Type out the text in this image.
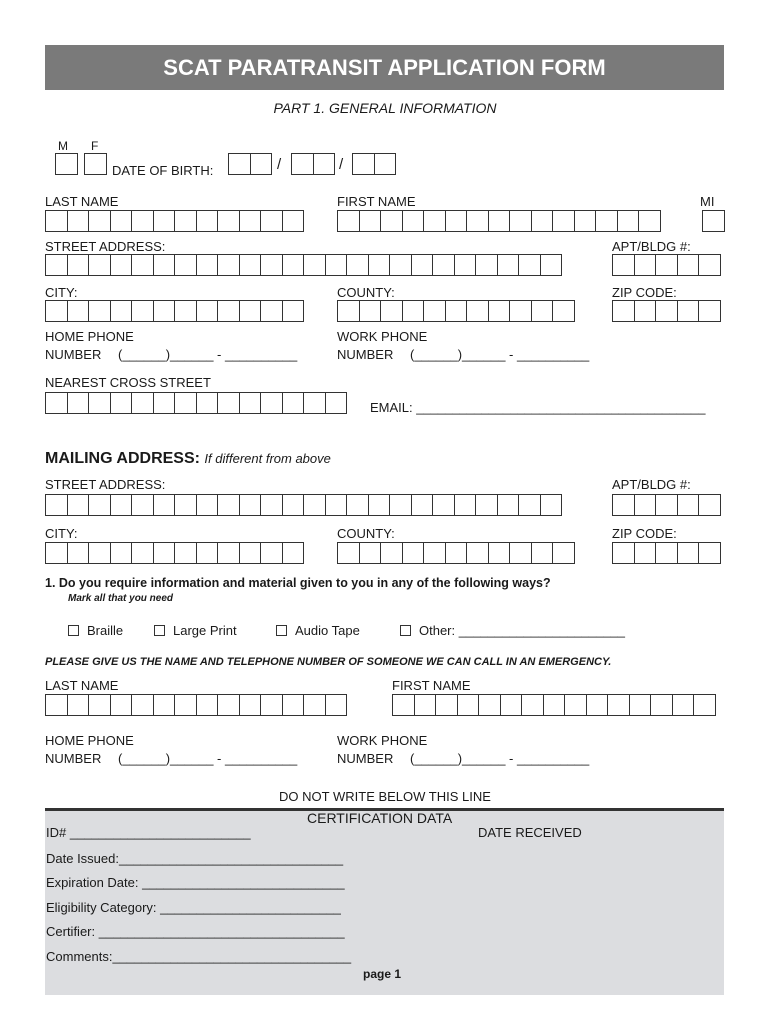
SCAT PARATRANSIT APPLICATION FORM
PART 1. GENERAL INFORMATION
M F
DATE OF BIRTH:	/	/
LAST NAME	FIRST NAME	MI
STREET ADDRESS:	APT/BLDG #:
CITY:	COUNTY:	ZIP CODE:
HOME PHONE
NUMBER (______)______ - __________
WORK PHONE
NUMBER (______)______ - __________
NEAREST CROSS STREET
EMAIL: ________________________________________
MAILING ADDRESS: If different from above
STREET ADDRESS:	APT/BLDG #:
CITY:	COUNTY:	ZIP CODE:
1. Do you require information and material given to you in any of the following ways?
Mark all that you need
Braille	Large Print	Audio Tape	Other: _______________________
PLEASE GIVE US THE NAME AND TELEPHONE NUMBER OF SOMEONE WE CAN CALL IN AN EMERGENCY.
LAST NAME	FIRST NAME
HOME PHONE
NUMBER (______)______ - __________
WORK PHONE
NUMBER (______)______ - __________
DO NOT WRITE BELOW THIS LINE
CERTIFICATION DATA
ID# _________________________	DATE RECEIVED
Date Issued:_______________________________
Expiration Date: ____________________________
Eligibility Category: _________________________
Certifier: __________________________________
Comments:_________________________________
page 1
